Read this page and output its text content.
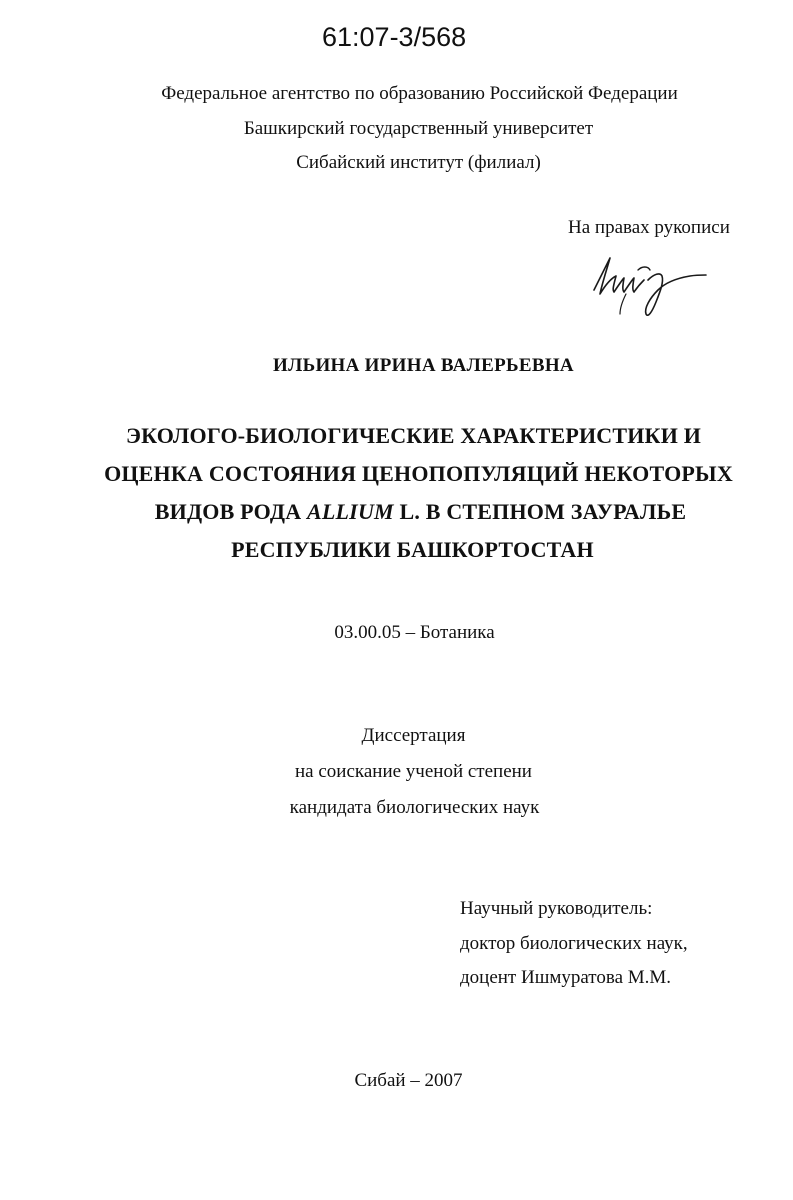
61:07-3/568
Федеральное агентство по образованию Российской Федерации
Башкирский государственный университет
Сибайский институт (филиал)
На правах рукописи
ИЛЬИНА ИРИНА ВАЛЕРЬЕВНА
ЭКОЛОГО-БИОЛОГИЧЕСКИЕ ХАРАКТЕРИСТИКИ И
ОЦЕНКА СОСТОЯНИЯ ЦЕНОПОПУЛЯЦИЙ НЕКОТОРЫХ
ВИДОВ РОДА ALLIUM L. В СТЕПНОМ ЗАУРАЛЬЕ
РЕСПУБЛИКИ БАШКОРТОСТАН
03.00.05 – Ботаника
Диссертация
на соискание ученой степени
кандидата биологических наук
Научный руководитель:
доктор биологических наук,
доцент Ишмуратова М.М.
Сибай – 2007
